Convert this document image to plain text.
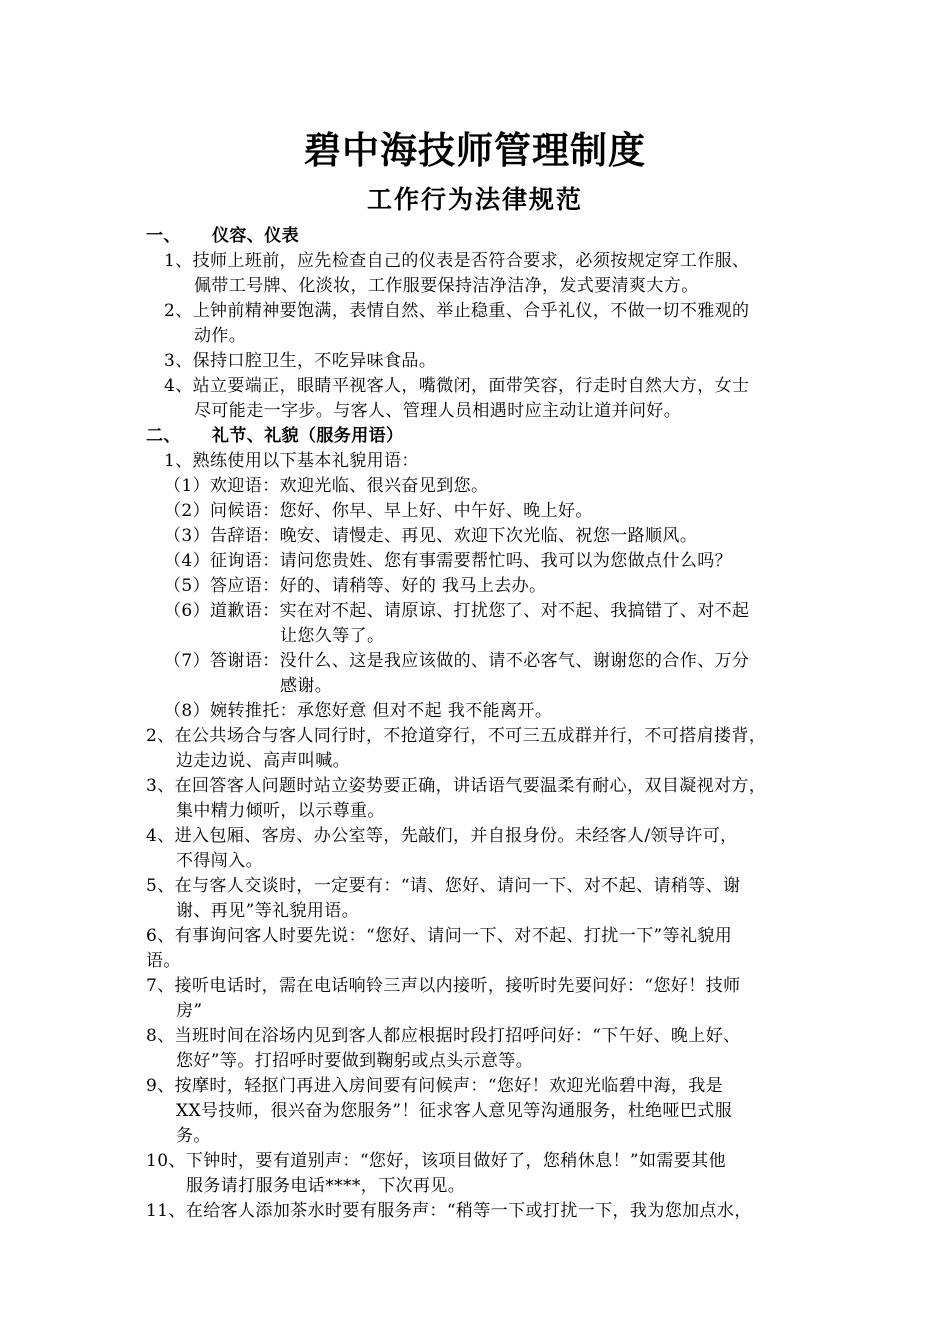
碧中海技师管理制度
工作行为法律规范
一、 仪容、仪表
1、技师上班前，应先检查自己的仪表是否符合要求，必须按规定穿工作服、
佩带工号牌、化淡妆，工作服要保持洁净洁净，发式要清爽大方。
2、上钟前精神要饱满，表情自然、举止稳重、合乎礼仪，不做一切不雅观的
动作。
3、保持口腔卫生，不吃异味食品。
4、站立要端正，眼睛平视客人，嘴微闭，面带笑容，行走时自然大方，女士
尽可能走一字步。与客人、管理人员相遇时应主动让道并问好。
二、 礼节、礼貌（服务用语）
1、熟练使用以下基本礼貌用语：
（1）欢迎语：欢迎光临、很兴奋见到您。
（2）问候语：您好、你早、早上好、中午好、晚上好。
（3）告辞语：晚安、请慢走、再见、欢迎下次光临、祝您一路顺风。
（4）征询语：请问您贵姓、您有事需要帮忙吗、我可以为您做点什么吗？
（5）答应语：好的、请稍等、好的 我马上去办。
（6）道歉语：实在对不起、请原谅、打扰您了、对不起、我搞错了、对不起
让您久等了。
（7）答谢语：没什么、这是我应该做的、请不必客气、谢谢您的合作、万分
感谢。
（8）婉转推托：承您好意 但对不起 我不能离开。
2、在公共场合与客人同行时，不抢道穿行，不可三五成群并行，不可搭肩搂背，
边走边说、高声叫喊。
3、在回答客人问题时站立姿势要正确，讲话语气要温柔有耐心，双目凝视对方，
集中精力倾听，以示尊重。
4、进入包厢、客房、办公室等，先敲们，并自报身份。未经客人/领导许可，
不得闯入。
5、在与客人交谈时，一定要有：“请、您好、请问一下、对不起、请稍等、谢
谢、再见”等礼貌用语。
6、有事询问客人时要先说：“您好、请问一下、对不起、打扰一下”等礼貌用
语。
7、接听电话时，需在电话响铃三声以内接听，接听时先要问好：“您好！技师
房”
8、当班时间在浴场内见到客人都应根据时段打招呼问好：“下午好、晚上好、
您好”等。打招呼时要做到鞠躬或点头示意等。
9、按摩时，轻抠门再进入房间要有问候声：“您好！欢迎光临碧中海，我是
XX号技师，很兴奋为您服务”！征求客人意见等沟通服务，杜绝哑巴式服
务。
10、下钟时，要有道别声：“您好，该项目做好了，您稍休息！”如需要其他
服务请打服务电话****，下次再见。
11、在给客人添加茶水时要有服务声：“稍等一下或打扰一下，我为您加点水，
